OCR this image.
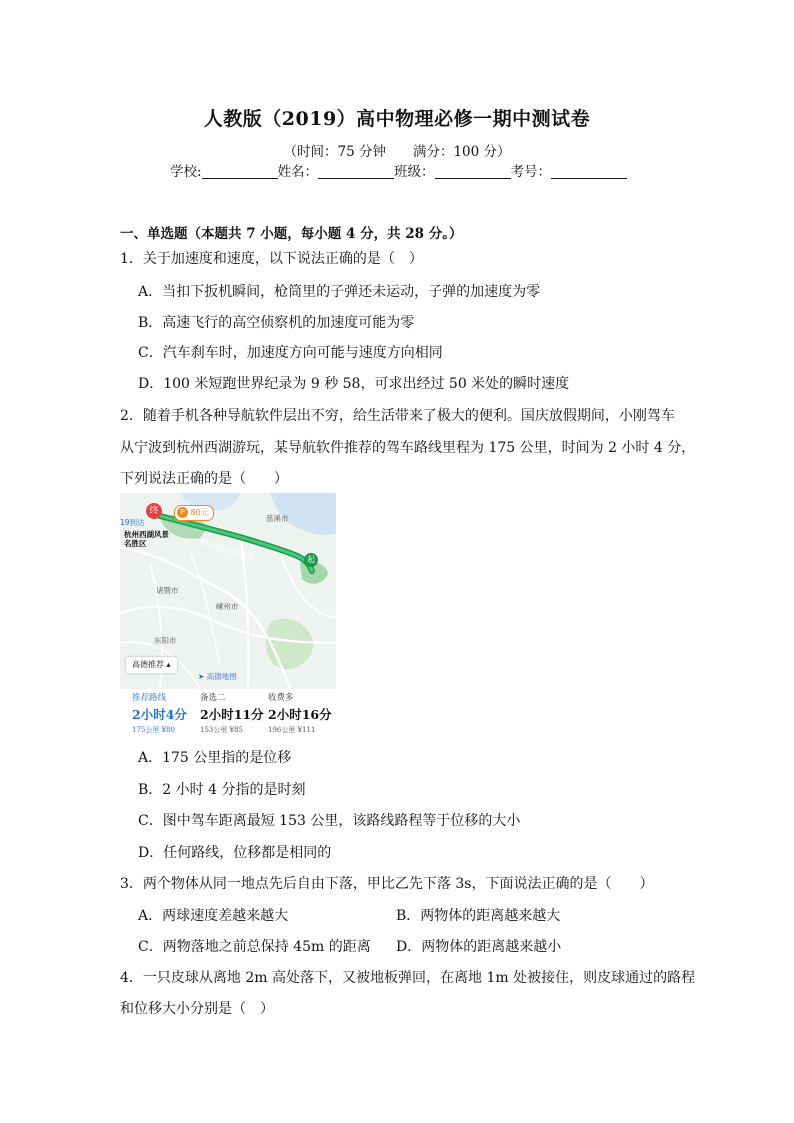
人教版（2019）高中物理必修一期中测试卷
（时间：75 分钟　　满分：100 分）
学校:	姓名：	班级：	考号：
一、单选题（本题共 7 小题，每小题 4 分，共 28 分。）
1．关于加速度和速度，以下说法正确的是（　）
A．当扣下扳机瞬间，枪筒里的子弹还未运动，子弹的加速度为零
B．高速飞行的高空侦察机的加速度可能为零
C．汽车刹车时，加速度方向可能与速度方向相同
D．100 米短跑世界纪录为 9 秒 58，可求出经过 50 米处的瞬时速度
2．随着手机各种导航软件层出不穷，给生活带来了极大的便利。国庆放假期间，小刚驾车
从宁波到杭州西湖游玩，某导航软件推荐的驾车路线里程为 175 公里，时间为 2 小时 4 分，
下列说法正确的是（　　）
终	P 80元
起
19到达
杭州西湖风景
名胜区	杭州湾环线高速
慈溪市
诸暨市
嵊州市
东阳市
高德推荐 ▴
➤ 高德地图
推荐路线
2小时4分
175公里 ¥80
备选二
2小时11分
153公里 ¥85
收费多
2小时16分
196公里 ¥111
A．175 公里指的是位移
B．2 小时 4 分指的是时刻
C．图中驾车距离最短 153 公里，该路线路程等于位移的大小
D．任何路线，位移都是相同的
3．两个物体从同一地点先后自由下落，甲比乙先下落 3s，下面说法正确的是（　　）
A．两球速度差越来越大	B．两物体的距离越来越大
C．两物落地之前总保持 45m 的距离 D．两物体的距离越来越小
4．一只皮球从离地 2m 高处落下，又被地板弹回，在离地 1m 处被接住，则皮球通过的路程
和位移大小分别是（　）
